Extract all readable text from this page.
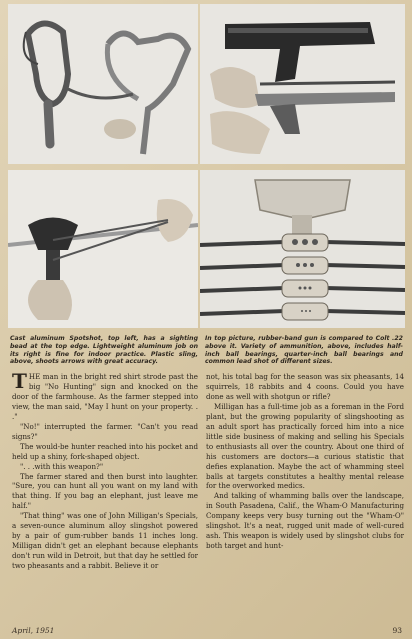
Cast aluminum Spotshot, top left, has a sighting bead at the top edge. Lightweight aluminum job on its right is fine for indoor practice. Plastic sling, above, shoots arrows with great accuracy.
In top picture, rubber-band gun is compared to Colt .22 above it. Variety of ammunition, above, includes half-inch ball bearings, quarter-inch ball bearings and common lead shot of different sizes.

THE man in the bright red shirt strode past the big "No Hunting" sign and knocked on the door of the farmhouse. As the farmer stepped into view, the man said, "May I hunt on your property. . ."

"No!" interrupted the farmer. "Can't you read signs?"

The would-be hunter reached into his pocket and held up a shiny, fork-shaped object.

". . .with this weapon?"

The farmer stared and then burst into laughter. "Sure, you can hunt all you want on my land with that thing. If you bag an elephant, just leave me half."

"That thing" was one of John Milligan's Specials, a seven-ounce aluminum alloy slingshot powered by a pair of gum-rubber bands 11 inches long. Milligan didn't get an elephant because elephants don't run wild in Detroit, but that day he settled for two pheasants and a rabbit. Believe it or

not, his total bag for the season was six pheasants, 14 squirrels, 18 rabbits and 4 coons. Could you have done as well with shotgun or rifle?

Milligan has a full-time job as a foreman in the Ford plant, but the growing popularity of slingshooting as an adult sport has practically forced him into a nice little side business of making and selling his Specials to enthusiasts all over the country. About one third of his customers are doctors—a curious statistic that defies explanation. Maybe the act of whamming steel balls at targets constitutes a healthy mental release for the overworked medics.

And talking of whamming balls over the landscape, in South Pasadena, Calif., the Wham-O Manufacturing Company keeps very busy turning out the "Wham-O" slingshot. It's a neat, rugged unit made of well-cured ash. This weapon is widely used by slingshot clubs for both target and hunt-

April, 1951	93
